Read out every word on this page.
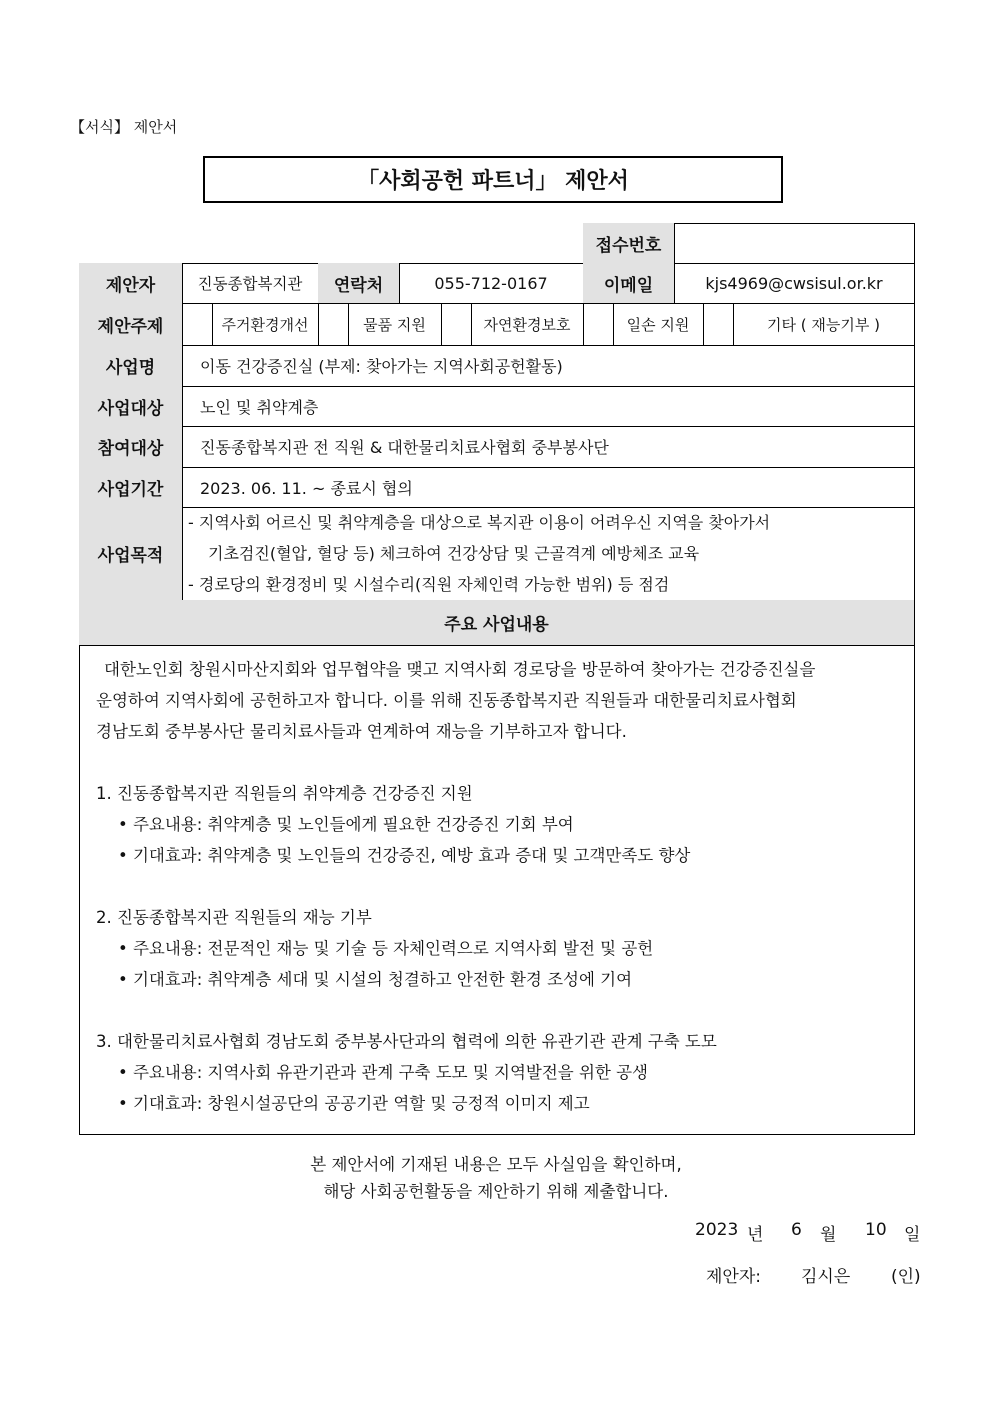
【서식】 제안서
「사회공헌 파트너」 제안서
접수번호
제안자	진동종합복지관	연락처	055-712-0167	이메일	kjs4969@cwsisul.or.kr
제안주제	주거환경개선	물품 지원	자연환경보호	일손 지원	기타 ( 재능기부 )
사업명	이동 건강증진실 (부제: 찾아가는 지역사회공헌활동)
사업대상	노인 및 취약계층
참여대상	진동종합복지관 전 직원 & 대한물리치료사협회 중부봉사단
사업기간	2023. 06. 11. ~ 종료시 협의
사업목적
- 지역사회 어르신 및 취약계층을 대상으로 복지관 이용이 어려우신 지역을 찾아가서
기초검진(혈압, 혈당 등) 체크하여 건강상담 및 근골격계 예방체조 교육
- 경로당의 환경정비 및 시설수리(직원 자체인력 가능한 범위) 등 점검
주요 사업내용
대한노인회 창원시마산지회와 업무협약을 맺고 지역사회 경로당을 방문하여 찾아가는 건강증진실을
운영하여 지역사회에 공헌하고자 합니다. 이를 위해 진동종합복지관 직원들과 대한물리치료사협회
경남도회 중부봉사단 물리치료사들과 연계하여 재능을 기부하고자 합니다.
1. 진동종합복지관 직원들의 취약계층 건강증진 지원
• 주요내용: 취약계층 및 노인들에게 필요한 건강증진 기회 부여
• 기대효과: 취약계층 및 노인들의 건강증진, 예방 효과 증대 및 고객만족도 향상
2. 진동종합복지관 직원들의 재능 기부
• 주요내용: 전문적인 재능 및 기술 등 자체인력으로 지역사회 발전 및 공헌
• 기대효과: 취약계층 세대 및 시설의 청결하고 안전한 환경 조성에 기여
3. 대한물리치료사협회 경남도회 중부봉사단과의 협력에 의한 유관기관 관계 구축 도모
• 주요내용: 지역사회 유관기관과 관계 구축 도모 및 지역발전을 위한 공생
• 기대효과: 창원시설공단의 공공기관 역할 및 긍정적 이미지 제고
본 제안서에 기재된 내용은 모두 사실임을 확인하며,
해당 사회공헌활동을 제안하기 위해 제출합니다.
2023 년 6 월 10 일
제안자: 김시은 (인)
